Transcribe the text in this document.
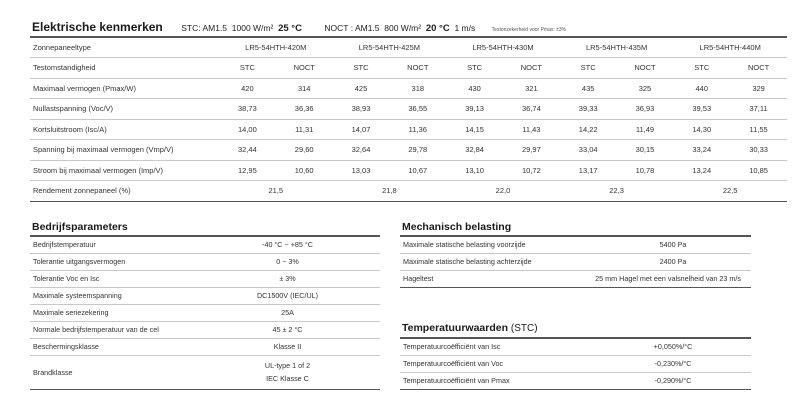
Elektrische kenmerken STC: AM1.5 1000 W/m² 25 °C	NOCT : AM1.5 800 W/m² 20 °C 1 m/s	Testonzekerheid voor Pmax: ±3%
Zonnepaneeltype	LR5-54HTH-420M		LR5-54HTH-425M		LR5-54HTH-430M		LR5-54HTH-435M		LR5-54HTH-440M	
Testomstandigheid	STC	NOCT	STC	NOCT	STC	NOCT	STC	NOCT	STC	NOCT
Maximaal vermogen (Pmax/W)	420	314	425	318	430	321	435	325	440	329
Nullastspanning (Voc/V)	38,73	36,36	38,93	36,55	39,13	36,74	39,33	36,93	39,53	37,11
Kortsluitstroom (Isc/A)	14,00	11,31	14,07	11,36	14,15	11,43	14,22	11,49	14,30	11,55
Spanning bij maximaal vermogen (Vmp/V)	32,44	29,60	32,64	29,78	32,84	29,97	33,04	30,15	33,24	30,33
Stroom bij maximaal vermogen (Imp/V)	12,95	10,60	13,03	10,67	13,10	10,72	13,17	10,78	13,24	10,85
Rendement zonnepaneel (%)	21,5		21,8		22,0		22,3		22,5	
Bedrijfsparameters
Bedrijfstemperatuur	-40 °C ~ +85 °C
Tolerantie uitgangsvermogen	0 ~ 3%
Tolerantie Voc en Isc	± 3%
Maximale systeemspanning	DC1500V (IEC/UL)
Maximale seriezekering	25A
Normale bedrijfstemperatuur van de cel	45 ± 2 °C
Beschermingsklasse	Klasse II
Brandklasse	UL-type 1 of 2
IEC Klasse C
Mechanisch belasting
Maximale statische belasting voorzijde	5400 Pa
Maximale statische belasting achterzijde	2400 Pa
Hageltest	25 mm Hagel met een valsnelheid van 23 m/s
Temperatuurwaarden (STC)
Temperatuurcoëfficiënt van Isc	+0,050%/°C
Temperatuurcoëfficiënt van Voc	-0,230%/°C
Temperatuurcoëfficiënt van Pmax	-0,290%/°C
